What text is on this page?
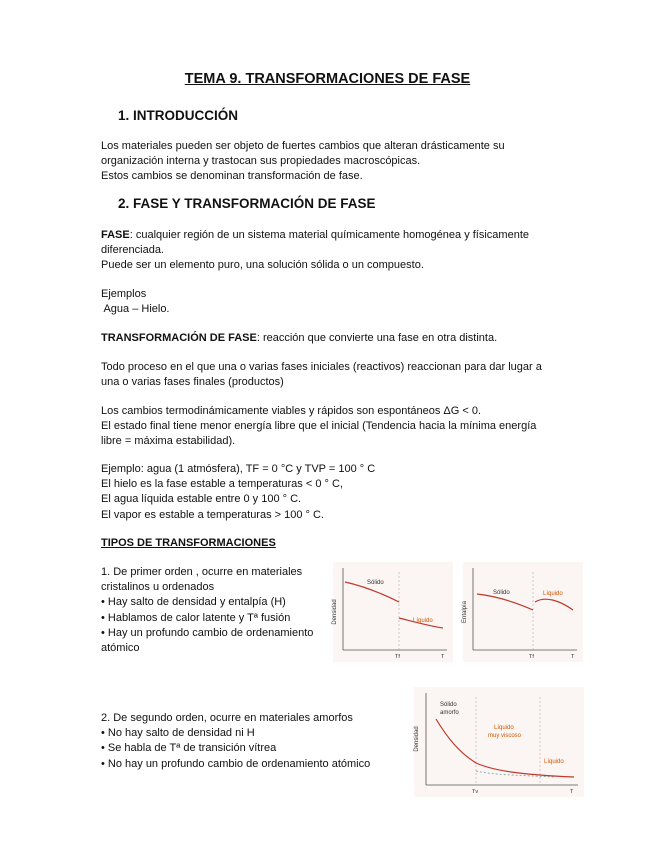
TEMA 9. TRANSFORMACIONES DE FASE
1. INTRODUCCIÓN
Los materiales pueden ser objeto de fuertes cambios que alteran drásticamente su
organización interna y trastocan sus propiedades macroscópicas.
Estos cambios se denominan transformación de fase.
2. FASE Y TRANSFORMACIÓN DE FASE
FASE: cualquier región de un sistema material químicamente homogénea y físicamente
diferenciada.
Puede ser un elemento puro, una solución sólida o un compuesto.
Ejemplos
Agua – Hielo.
TRANSFORMACIÓN DE FASE: reacción que convierte una fase en otra distinta.
Todo proceso en el que una o varias fases iniciales (reactivos) reaccionan para dar lugar a
una o varias fases finales (productos)
Los cambios termodinámicamente viables y rápidos son espontáneos ΔG < 0.
El estado final tiene menor energía libre que el inicial (Tendencia hacia la mínima energía
libre = máxima estabilidad).
Ejemplo: agua (1 atmósfera), TF = 0 °C y TVP = 100 ° C
El hielo es la fase estable a temperaturas < 0 ° C,
El agua líquida estable entre 0 y 100 ° C.
El vapor es estable a temperaturas > 100 ° C.
TIPOS DE TRANSFORMACIONES
1. De primer orden , ocurre en materiales
cristalinos u ordenados
• Hay salto de densidad y entalpía (H)
• Hablamos de calor latente y Tª fusión
• Hay un profundo cambio de ordenamiento
atómico
2. De segundo orden, ocurre en materiales amorfos
• No hay salto de densidad ni H
• Se habla de Tª de transición vítrea
• No hay un profundo cambio de ordenamiento atómico
Densidad
Sólido
Líquido
Tf	T
Entalpía
Sólido	Líquido
Tf	T
Densidad
Sólido
amorfo
Líquido
muy viscoso
Líquido
Tv	T
